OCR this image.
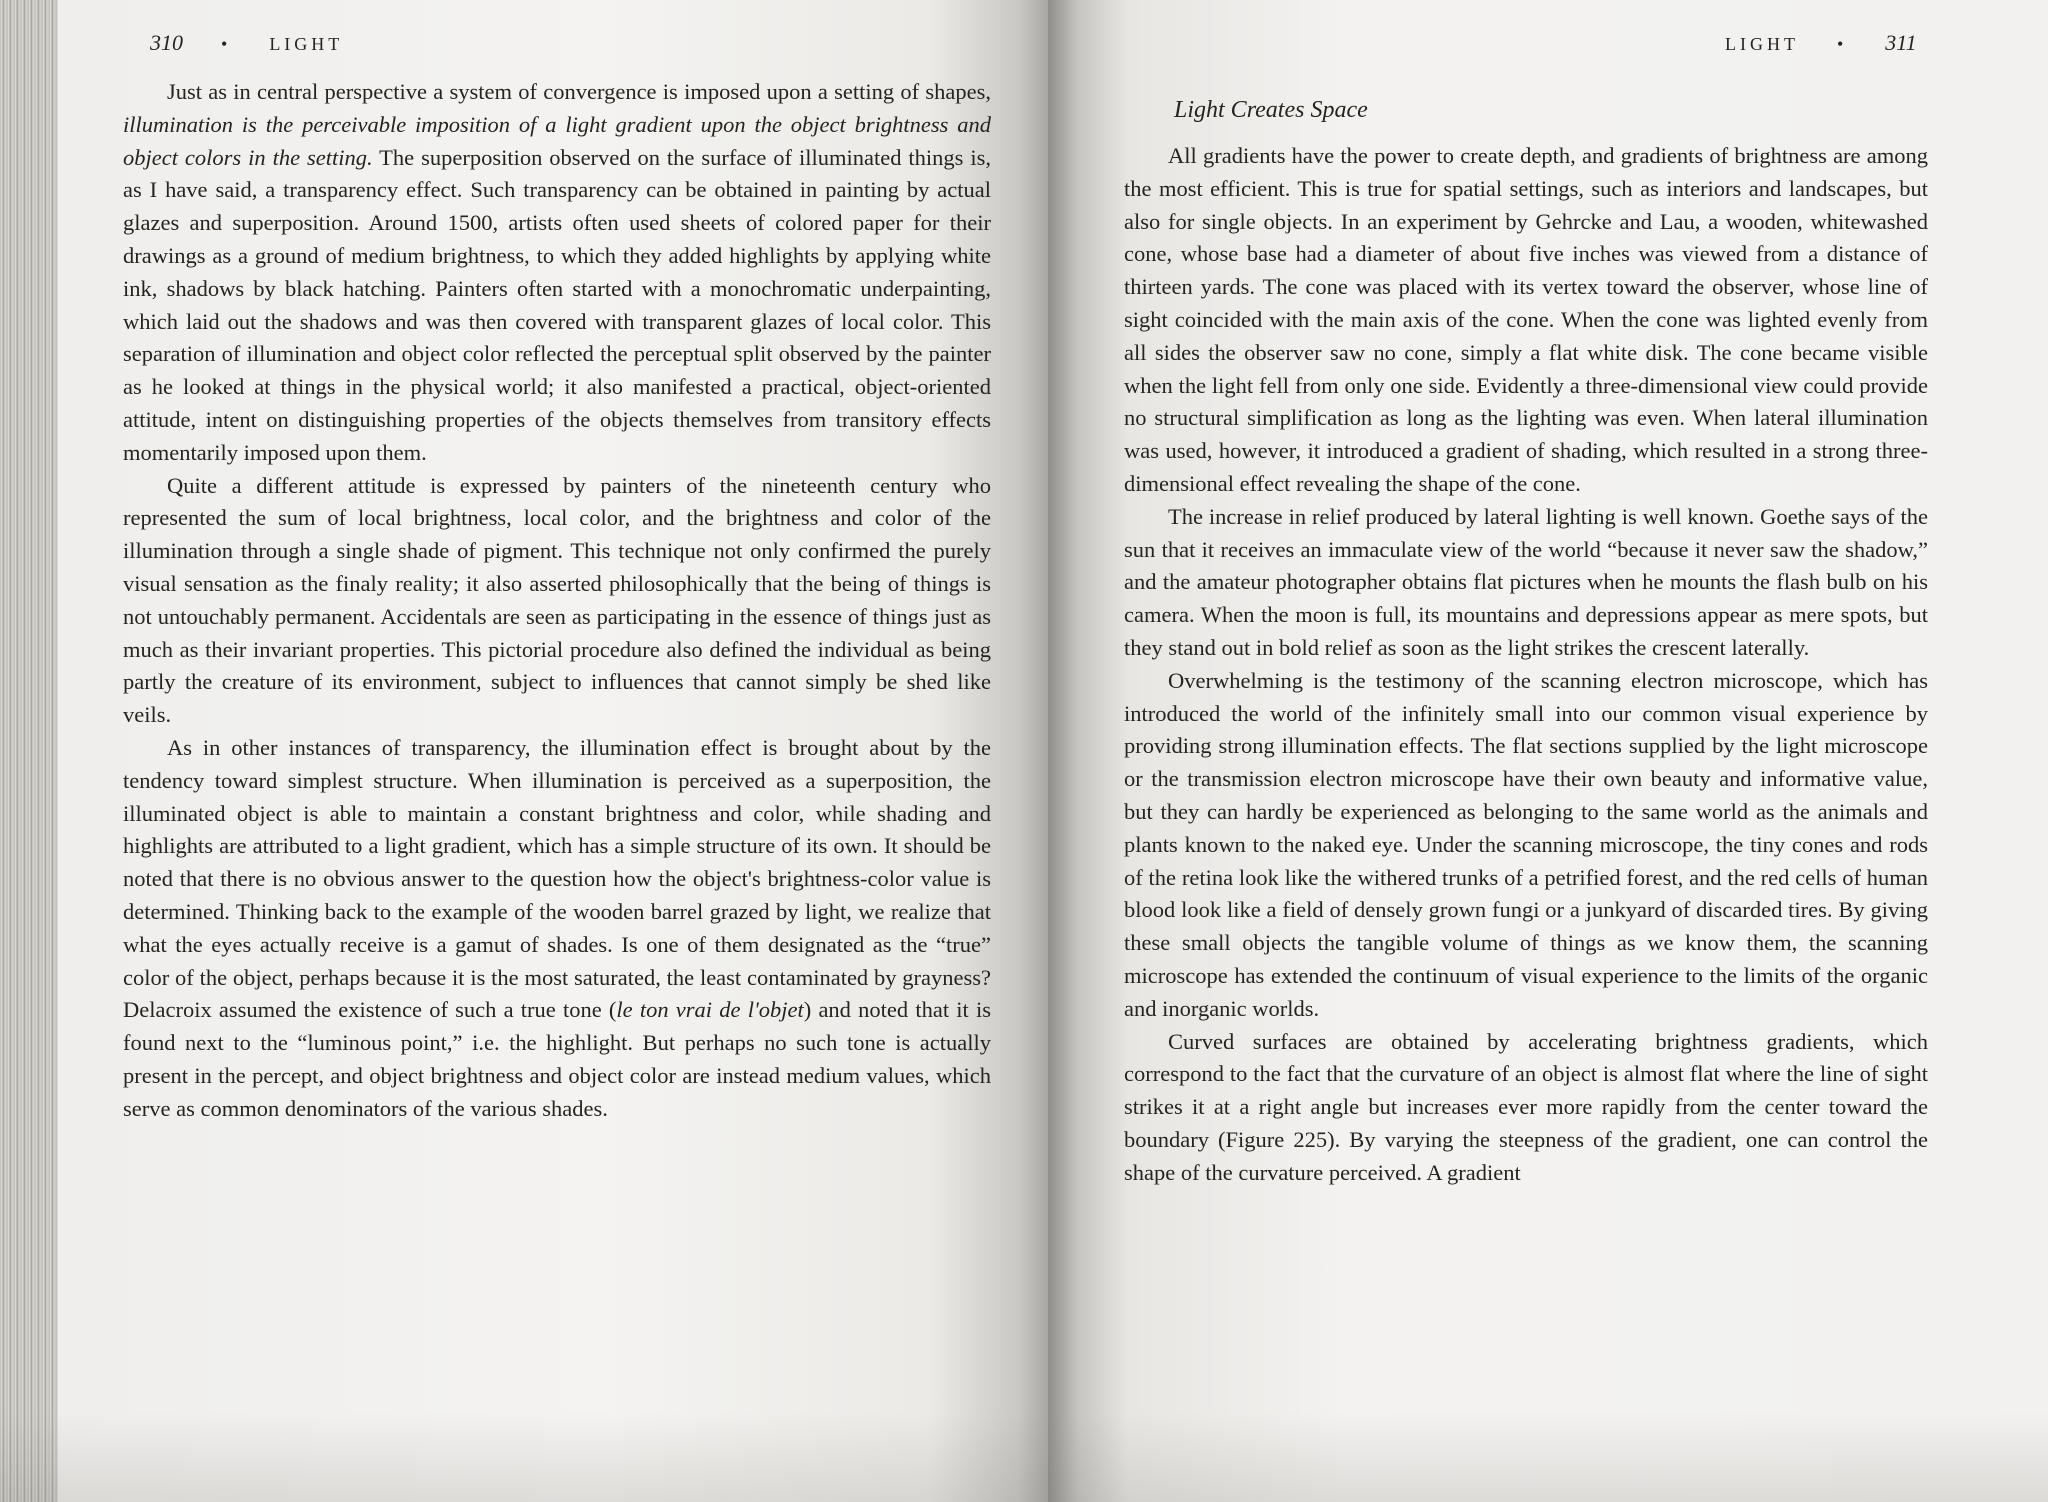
310 • LIGHT	LIGHT • 311

Just as in central perspective a system of convergence is imposed upon a setting of shapes, illumination is the perceivable imposition of a light gradient upon the object brightness and object colors in the setting. The superposition observed on the surface of illuminated things is, as I have said, a transparency effect. Such transparency can be obtained in painting by actual glazes and superposition. Around 1500, artists often used sheets of colored paper for their drawings as a ground of medium brightness, to which they added highlights by applying white ink, shadows by black hatching. Painters often started with a monochromatic underpainting, which laid out the shadows and was then covered with transparent glazes of local color. This separation of illumination and object color reflected the perceptual split observed by the painter as he looked at things in the physical world; it also manifested a practical, object-oriented attitude, intent on distinguishing properties of the objects themselves from transitory effects momentarily imposed upon them.

Quite a different attitude is expressed by painters of the nineteenth century who represented the sum of local brightness, local color, and the brightness and color of the illumination through a single shade of pigment. This technique not only confirmed the purely visual sensation as the finaly reality; it also asserted philosophically that the being of things is not untouchably permanent. Accidentals are seen as participating in the essence of things just as much as their invariant properties. This pictorial procedure also defined the individual as being partly the creature of its environment, subject to influences that cannot simply be shed like veils.

As in other instances of transparency, the illumination effect is brought about by the tendency toward simplest structure. When illumination is perceived as a superposition, the illuminated object is able to maintain a constant brightness and color, while shading and highlights are attributed to a light gradient, which has a simple structure of its own. It should be noted that there is no obvious answer to the question how the object's brightness-color value is determined. Thinking back to the example of the wooden barrel grazed by light, we realize that what the eyes actually receive is a gamut of shades. Is one of them designated as the “true” color of the object, perhaps because it is the most saturated, the least contaminated by grayness? Delacroix assumed the existence of such a true tone (le ton vrai de l'objet) and noted that it is found next to the “luminous point,” i.e. the highlight. But perhaps no such tone is actually present in the percept, and object brightness and object color are instead medium values, which serve as common denominators of the various shades.

Light Creates Space

All gradients have the power to create depth, and gradients of brightness are among the most efficient. This is true for spatial settings, such as interiors and landscapes, but also for single objects. In an experiment by Gehrcke and Lau, a wooden, whitewashed cone, whose base had a diameter of about five inches was viewed from a distance of thirteen yards. The cone was placed with its vertex toward the observer, whose line of sight coincided with the main axis of the cone. When the cone was lighted evenly from all sides the observer saw no cone, simply a flat white disk. The cone became visible when the light fell from only one side. Evidently a three-dimensional view could provide no structural simplification as long as the lighting was even. When lateral illumination was used, however, it introduced a gradient of shading, which resulted in a strong three-dimensional effect revealing the shape of the cone.

The increase in relief produced by lateral lighting is well known. Goethe says of the sun that it receives an immaculate view of the world “because it never saw the shadow,” and the amateur photographer obtains flat pictures when he mounts the flash bulb on his camera. When the moon is full, its mountains and depressions appear as mere spots, but they stand out in bold relief as soon as the light strikes the crescent laterally.

Overwhelming is the testimony of the scanning electron microscope, which has introduced the world of the infinitely small into our common visual experience by providing strong illumination effects. The flat sections supplied by the light microscope or the transmission electron microscope have their own beauty and informative value, but they can hardly be experienced as belonging to the same world as the animals and plants known to the naked eye. Under the scanning microscope, the tiny cones and rods of the retina look like the withered trunks of a petrified forest, and the red cells of human blood look like a field of densely grown fungi or a junkyard of discarded tires. By giving these small objects the tangible volume of things as we know them, the scanning microscope has extended the continuum of visual experience to the limits of the organic and inorganic worlds.

Curved surfaces are obtained by accelerating brightness gradients, which correspond to the fact that the curvature of an object is almost flat where the line of sight strikes it at a right angle but increases ever more rapidly from the center toward the boundary (Figure 225). By varying the steepness of the gradient, one can control the shape of the curvature perceived. A gradient
